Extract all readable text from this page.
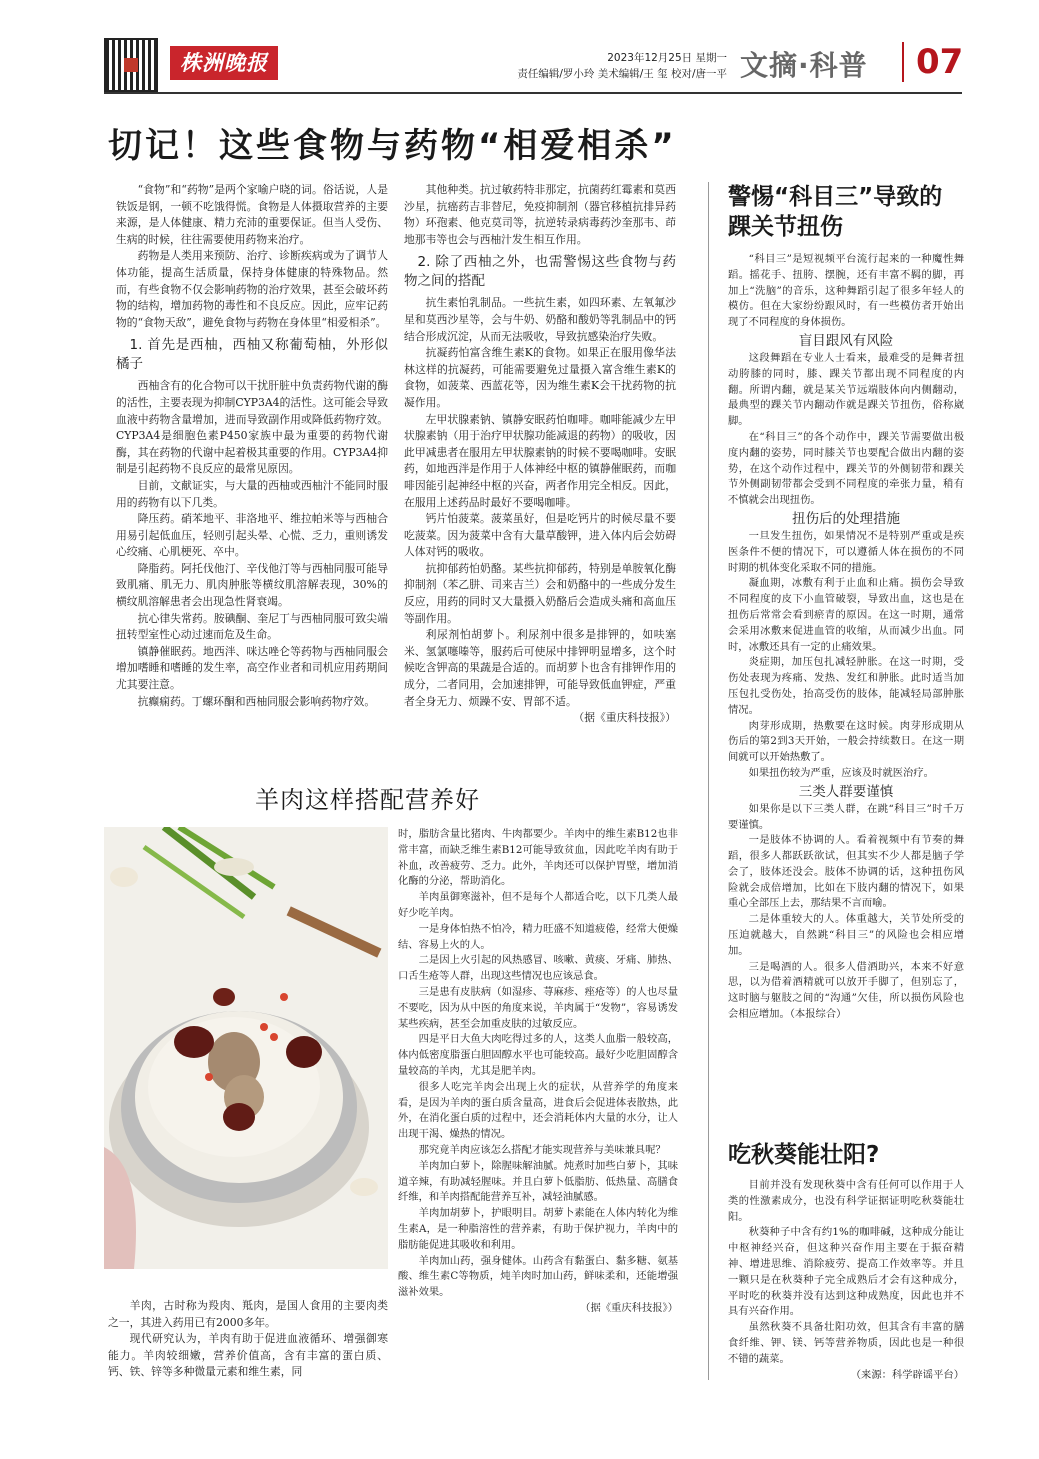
株洲晚报	2023年12月25日 星期一
责任编辑/罗小玲 美术编辑/王 玺 校对/唐一平 文摘·科普	07
切记！这些食物与药物“相爱相杀”

“食物”和“药物”是两个家喻户晓的词。俗话说，人是铁饭是钢，一顿不吃饿得慌。食物是人体摄取营养的主要来源，是人体健康、精力充沛的重要保证。但当人受伤、生病的时候，往往需要使用药物来治疗。

药物是人类用来预防、治疗、诊断疾病或为了调节人体功能，提高生活质量，保持身体健康的特殊物品。然而，有些食物不仅会影响药物的治疗效果，甚至会破坏药物的结构，增加药物的毒性和不良反应。因此，应牢记药物的“食物天敌”，避免食物与药物在身体里“相爱相杀”。

1. 首先是西柚，西柚又称葡萄柚，外形似橘子

西柚含有的化合物可以干扰肝脏中负责药物代谢的酶的活性，主要表现为抑制CYP3A4的活性。这可能会导致血液中药物含量增加，进而导致副作用或降低药物疗效。CYP3A4是细胞色素P450家族中最为重要的药物代谢酶，其在药物的代谢中起着极其重要的作用。CYP3A4抑制是引起药物不良反应的最常见原因。

目前，文献证实，与大量的西柚或西柚汁不能同时服用的药物有以下几类。

降压药。硝苯地平、非洛地平、维拉帕米等与西柚合用易引起低血压，轻则引起头晕、心慌、乏力，重则诱发心绞痛、心肌梗死、卒中。

降脂药。阿托伐他汀、辛伐他汀等与西柚同服可能导致肌痛、肌无力、肌肉肿胀等横纹肌溶解表现，30%的横纹肌溶解患者会出现急性肾衰竭。

抗心律失常药。胺碘酮、奎尼丁与西柚同服可致尖端扭转型室性心动过速而危及生命。

镇静催眠药。地西泮、咪达唑仑等药物与西柚同服会增加嗜睡和嗜睡的发生率，高空作业者和司机应用药期间尤其要注意。

抗癫痫药。丁螺环酮和西柚同服会影响药物疗效。

其他种类。抗过敏药特非那定，抗菌药红霉素和莫西沙星，抗癌药吉非替尼，免疫抑制剂（器官移植抗排异药物）环孢素、他克莫司等，抗逆转录病毒药沙奎那韦、茚地那韦等也会与西柚汁发生相互作用。

2. 除了西柚之外，也需警惕这些食物与药物之间的搭配

抗生素怕乳制品。一些抗生素，如四环素、左氧氟沙星和莫西沙星等，会与牛奶、奶酪和酸奶等乳制品中的钙结合形成沉淀，从而无法吸收，导致抗感染治疗失败。

抗凝药怕富含维生素K的食物。如果正在服用像华法林这样的抗凝药，可能需要避免过量摄入富含维生素K的食物，如菠菜、西蓝花等，因为维生素K会干扰药物的抗凝作用。

左甲状腺素钠、镇静安眠药怕咖啡。咖啡能减少左甲状腺素钠（用于治疗甲状腺功能减退的药物）的吸收，因此甲减患者在服用左甲状腺素钠的时候不要喝咖啡。安眠药，如地西泮是作用于人体神经中枢的镇静催眠药，而咖啡因能引起神经中枢的兴奋，两者作用完全相反。因此，在服用上述药品时最好不要喝咖啡。

钙片怕菠菜。菠菜虽好，但是吃钙片的时候尽量不要吃菠菜。因为菠菜中含有大量草酸钾，进入体内后会妨碍人体对钙的吸收。

抗抑郁药怕奶酪。某些抗抑郁药，特别是单胺氧化酶抑制剂（苯乙肼、司来吉兰）会和奶酪中的一些成分发生反应，用药的同时又大量摄入奶酪后会造成头痛和高血压等副作用。

利尿剂怕胡萝卜。利尿剂中很多是排钾的，如呋塞米、氢氯噻嗪等，服药后可使尿中排钾明显增多，这个时候吃含钾高的果蔬是合适的。而胡萝卜也含有排钾作用的成分，二者同用，会加速排钾，可能导致低血钾症，严重者全身无力、烦躁不安、胃部不适。

（据《重庆科技报》）

警惕“科目三”导致的踝关节扭伤

“科目三”是短视频平台流行起来的一种魔性舞蹈。摇花手、扭胯、摆腕，还有丰富不羁的脚，再加上“洗脑”的音乐，这种舞蹈引起了很多年轻人的模仿。但在大家纷纷跟风时，有一些模仿者开始出现了不同程度的身体损伤。

盲目跟风有风险

这段舞蹈在专业人士看来，最难受的是舞者扭动胯膝的同时，膝、踝关节都出现不同程度的内翻。所谓内翻，就是某关节远端肢体向内侧翻动，最典型的踝关节内翻动作就是踝关节扭伤，俗称崴脚。

在“科目三”的各个动作中，踝关节需要做出极度内翻的姿势，同时膝关节也要配合做出内翻的姿势，在这个动作过程中，踝关节的外侧韧带和踝关节外侧副韧带都会受到不同程度的牵张力量，稍有不慎就会出现扭伤。

扭伤后的处理措施

一旦发生扭伤，如果情况不是特别严重或是疾医条件不便的情况下，可以遵循人体在损伤的不同时期的机体变化采取不同的措施。

凝血期，冰敷有利于止血和止痛。损伤会导致不同程度的皮下小血管破裂，导致出血，这也是在扭伤后常常会看到瘀青的原因。在这一时期，通常会采用冰敷来促进血管的收缩，从而减少出血。同时，冰敷还具有一定的止痛效果。

炎症期，加压包扎减轻肿胀。在这一时期，受伤处表现为疼痛、发热、发红和肿胀。此时适当加压包扎受伤处，抬高受伤的肢体，能减轻局部肿胀情况。

肉芽形成期，热敷要在这时候。肉芽形成期从伤后的第2到3天开始，一般会持续数日。在这一期间就可以开始热敷了。

如果扭伤较为严重，应该及时就医治疗。

三类人群要谨慎

如果你是以下三类人群，在跳“科目三”时千万要谨慎。

一是肢体不协调的人。看着视频中有节奏的舞蹈，很多人都跃跃欲试，但其实不少人都是脑子学会了，肢体还没会。肢体不协调的话，这种扭伤风险就会成倍增加，比如在下肢内翻的情况下，如果重心全部压上去，那结果不言而喻。

二是体重较大的人。体重越大，关节处所受的压迫就越大，自然跳“科目三”的风险也会相应增加。

三是喝酒的人。很多人借酒助兴，本来不好意思，以为借着酒精就可以放开手脚了，但别忘了，这时脑与躯肢之间的“沟通”欠佳，所以损伤风险也会相应增加。（本报综合）

吃秋葵能壮阳?

目前并没有发现秋葵中含有任何可以作用于人类的性激素成分，也没有科学证据证明吃秋葵能壮阳。

秋葵种子中含有约1%的咖啡碱，这种成分能让中枢神经兴奋，但这种兴奋作用主要在于振奋精神、增进思维、消除疲劳、提高工作效率等。并且一颗只是在秋葵种子完全成熟后才会有这种成分，平时吃的秋葵并没有达到这种成熟度，因此也并不具有兴奋作用。

虽然秋葵不具备壮阳功效，但其含有丰富的膳食纤维、钾、镁、钙等营养物质，因此也是一种很不错的蔬菜。

（来源：科学辟谣平台）

羊肉这样搭配营养好

羊肉，古时称为羖肉、羝肉，是国人食用的主要肉类之一，其进入药用已有2000多年。

现代研究认为，羊肉有助于促进血液循环、增强御寒能力。羊肉较细嫩，营养价值高，含有丰富的蛋白质、钙、铁、锌等多种微量元素和维生素，同

时，脂肪含量比猪肉、牛肉都要少。羊肉中的维生素B12也非常丰富，而缺乏维生素B12可能导致贫血，因此吃羊肉有助于补血，改善疲劳、乏力。此外，羊肉还可以保护胃壁，增加消化酶的分泌，帮助消化。

羊肉虽御寒滋补，但不是每个人都适合吃，以下几类人最好少吃羊肉。

一是身体怕热不怕冷，精力旺盛不知道疲倦，经常大便燥结、容易上火的人。

二是因上火引起的风热感冒、咳嗽、黄痰、牙痛、肺热、口舌生疮等人群，出现这些情况也应该忌食。

三是患有皮肤病（如湿疹、荨麻疹、痤疮等）的人也尽量不要吃，因为从中医的角度来说，羊肉属于“发物”，容易诱发某些疾病，甚至会加重皮肤的过敏反应。

四是平日大鱼大肉吃得过多的人，这类人血脂一般较高，体内低密度脂蛋白胆固醇水平也可能较高。最好少吃胆固醇含量较高的羊肉，尤其是肥羊肉。

很多人吃完羊肉会出现上火的症状，从营养学的角度来看，是因为羊肉的蛋白质含量高，进食后会促进体表散热，此外，在消化蛋白质的过程中，还会消耗体内大量的水分，让人出现干渴、燥热的情况。

那究竟羊肉应该怎么搭配才能实现营养与美味兼具呢？

羊肉加白萝卜，除腥味解油腻。炖煮时加些白萝卜，其味道辛辣，有助减轻腥味。并且白萝卜低脂肪、低热量、高膳食纤维，和羊肉搭配能营养互补，减轻油腻感。

羊肉加胡萝卜，护眼明目。胡萝卜素能在人体内转化为维生素A，是一种脂溶性的营养素，有助于保护视力，羊肉中的脂肪能促进其吸收和利用。

羊肉加山药，强身健体。山药含有黏蛋白、黏多糖、氨基酸、维生素C等物质，炖羊肉时加山药，鲜味柔和，还能增强滋补效果。

（据《重庆科技报》）
